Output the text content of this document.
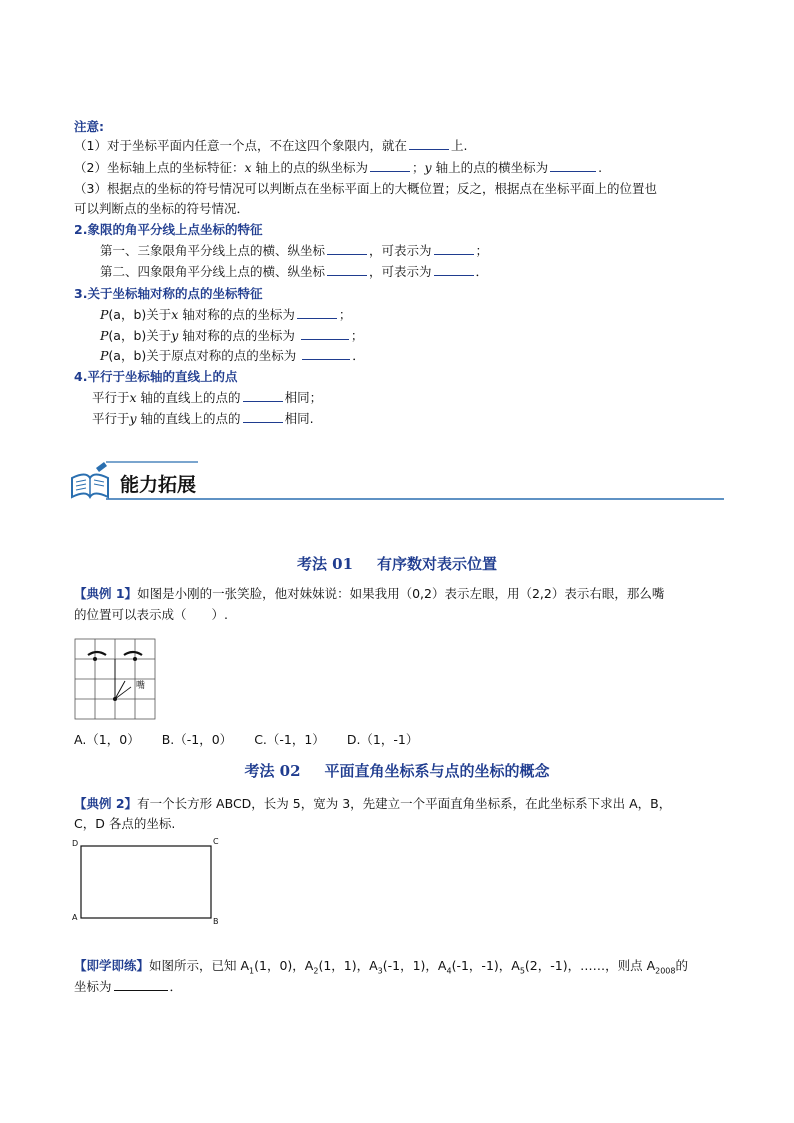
注意:
（1）对于坐标平面内任意一个点，不在这四个象限内，就在	上.
（2）坐标轴上点的坐标特征：x 轴上的点的纵坐标为	；y 轴上的点的横坐标为	.
（3）根据点的坐标的符号情况可以判断点在坐标平面上的大概位置；反之，根据点在坐标平面上的位置也
可以判断点的坐标的符号情况．
2.象限的角平分线上点坐标的特征
第一、三象限角平分线上点的横、纵坐标	，可表示为	；
第二、四象限角平分线上点的横、纵坐标	，可表示为	．
3.关于坐标轴对称的点的坐标特征
P(a，b)关于x 轴对称的点的坐标为	；
P(a，b)关于y 轴对称的点的坐标为	；
P(a，b)关于原点对称的点的坐标为	．
4.平行于坐标轴的直线上的点
平行于x 轴的直线上的点的	相同；
平行于y 轴的直线上的点的	相同.
能力拓展
考法 01 有序数对表示位置
【典例 1】如图是小刚的一张笑脸，他对妹妹说：如果我用（0,2）表示左眼，用（2,2）表示右眼，那么嘴
的位置可以表示成（　　）.
嘴
A.（1，0） B.（-1，0） C.（-1，1） D.（1，-1）
考法 02 平面直角坐标系与点的坐标的概念
【典例 2】有一个长方形 ABCD，长为 5，宽为 3，先建立一个平面直角坐标系，在此坐标系下求出 A，B，
C，D 各点的坐标.
D	C
A	B
【即学即练】如图所示，已知 $A_1(1$，0)，$A_2(1$，1)，$A_3(-1$，1)，$A_4(-1$，-1)，$A_5(2$，-1)，……，则点 $A_{2008}$的
坐标为	．
